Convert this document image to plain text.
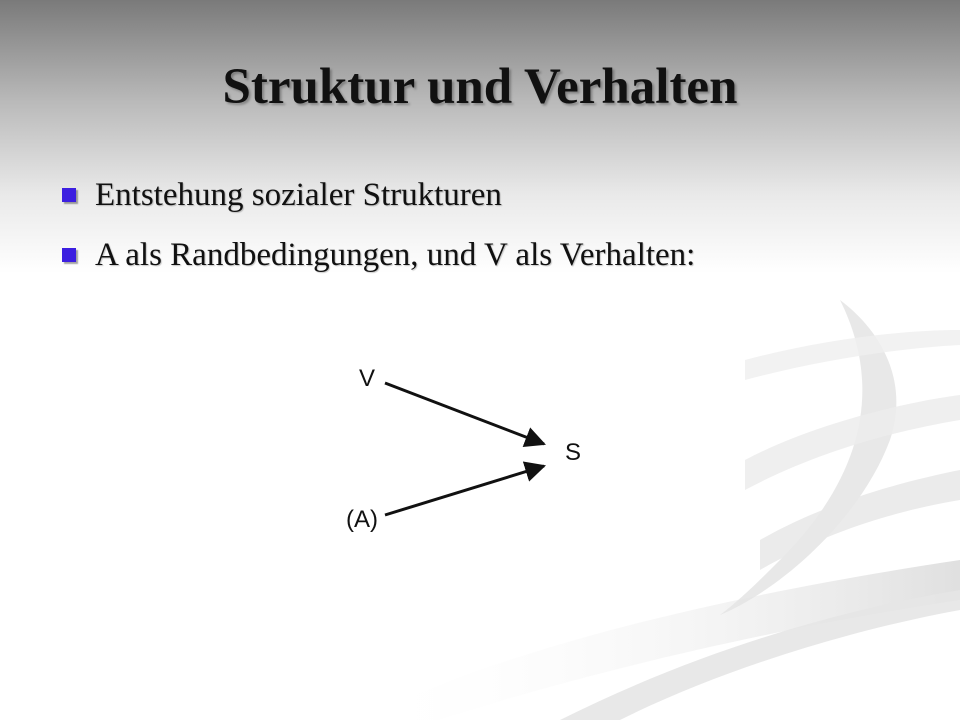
Struktur und Verhalten
Entstehung sozialer Strukturen
A als Randbedingungen, und V als Verhalten:
V
S
(A)
